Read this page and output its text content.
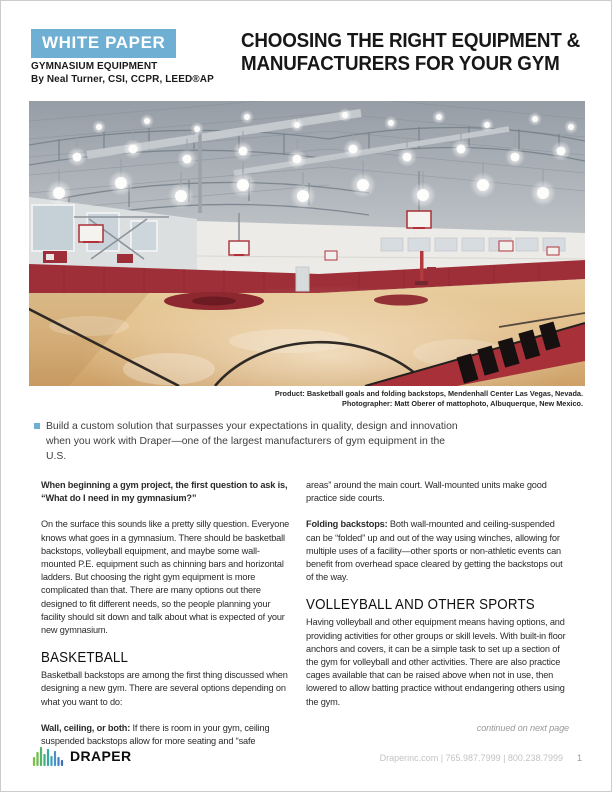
WHITE PAPER
GYMNASIUM EQUIPMENT
By Neal Turner, CSI, CCPR, LEED®AP
CHOOSING THE RIGHT EQUIPMENT &
MANUFACTURERS FOR YOUR GYM
Product: Basketball goals and folding backstops, Mendenhall Center Las Vegas, Nevada.
Photographer: Matt Oberer of mattophoto, Albuquerque, New Mexico.

Build a custom solution that surpasses your expectations in quality, design and innovation when you work with Draper—one of the largest manufacturers of gym equipment in the U.S.

When beginning a gym project, the first question to ask is, “What do I need in my gymnasium?”

On the surface this sounds like a pretty silly question. Everyone knows what goes in a gymnasium. There should be basketball backstops, volleyball equipment, and maybe some wall-mounted P.E. equipment such as chinning bars and horizontal ladders. But choosing the right gym equipment is more complicated than that. There are many options out there designed to fit different needs, so the people planning your facility should sit down and talk about what is expected of your new gymnasium.

BASKETBALL

Basketball backstops are among the first thing discussed when designing a new gym. There are several options depending on what you want to do:

Wall, ceiling, or both: If there is room in your gym, ceiling suspended backstops allow for more seating and “safe

areas” around the main court. Wall-mounted units make good practice side courts.

Folding backstops: Both wall-mounted and ceiling-suspended can be “folded” up and out of the way using winches, allowing for multiple uses of a facility—other sports or non-athletic events can benefit from overhead space cleared by getting the backstops out of the way.

VOLLEYBALL AND OTHER SPORTS

Having volleyball and other equipment means having options, and providing activities for other groups or skill levels. With built-in floor anchors and covers, it can be a simple task to set up a section of the gym for volleyball and other activities. There are also practice cages available that can be raised above when not in use, then lowered to allow batting practice without endangering others using the gym.

continued on next page

DRAPER	Draperinc.com | 765.987.7999 | 800.238.7999 1
